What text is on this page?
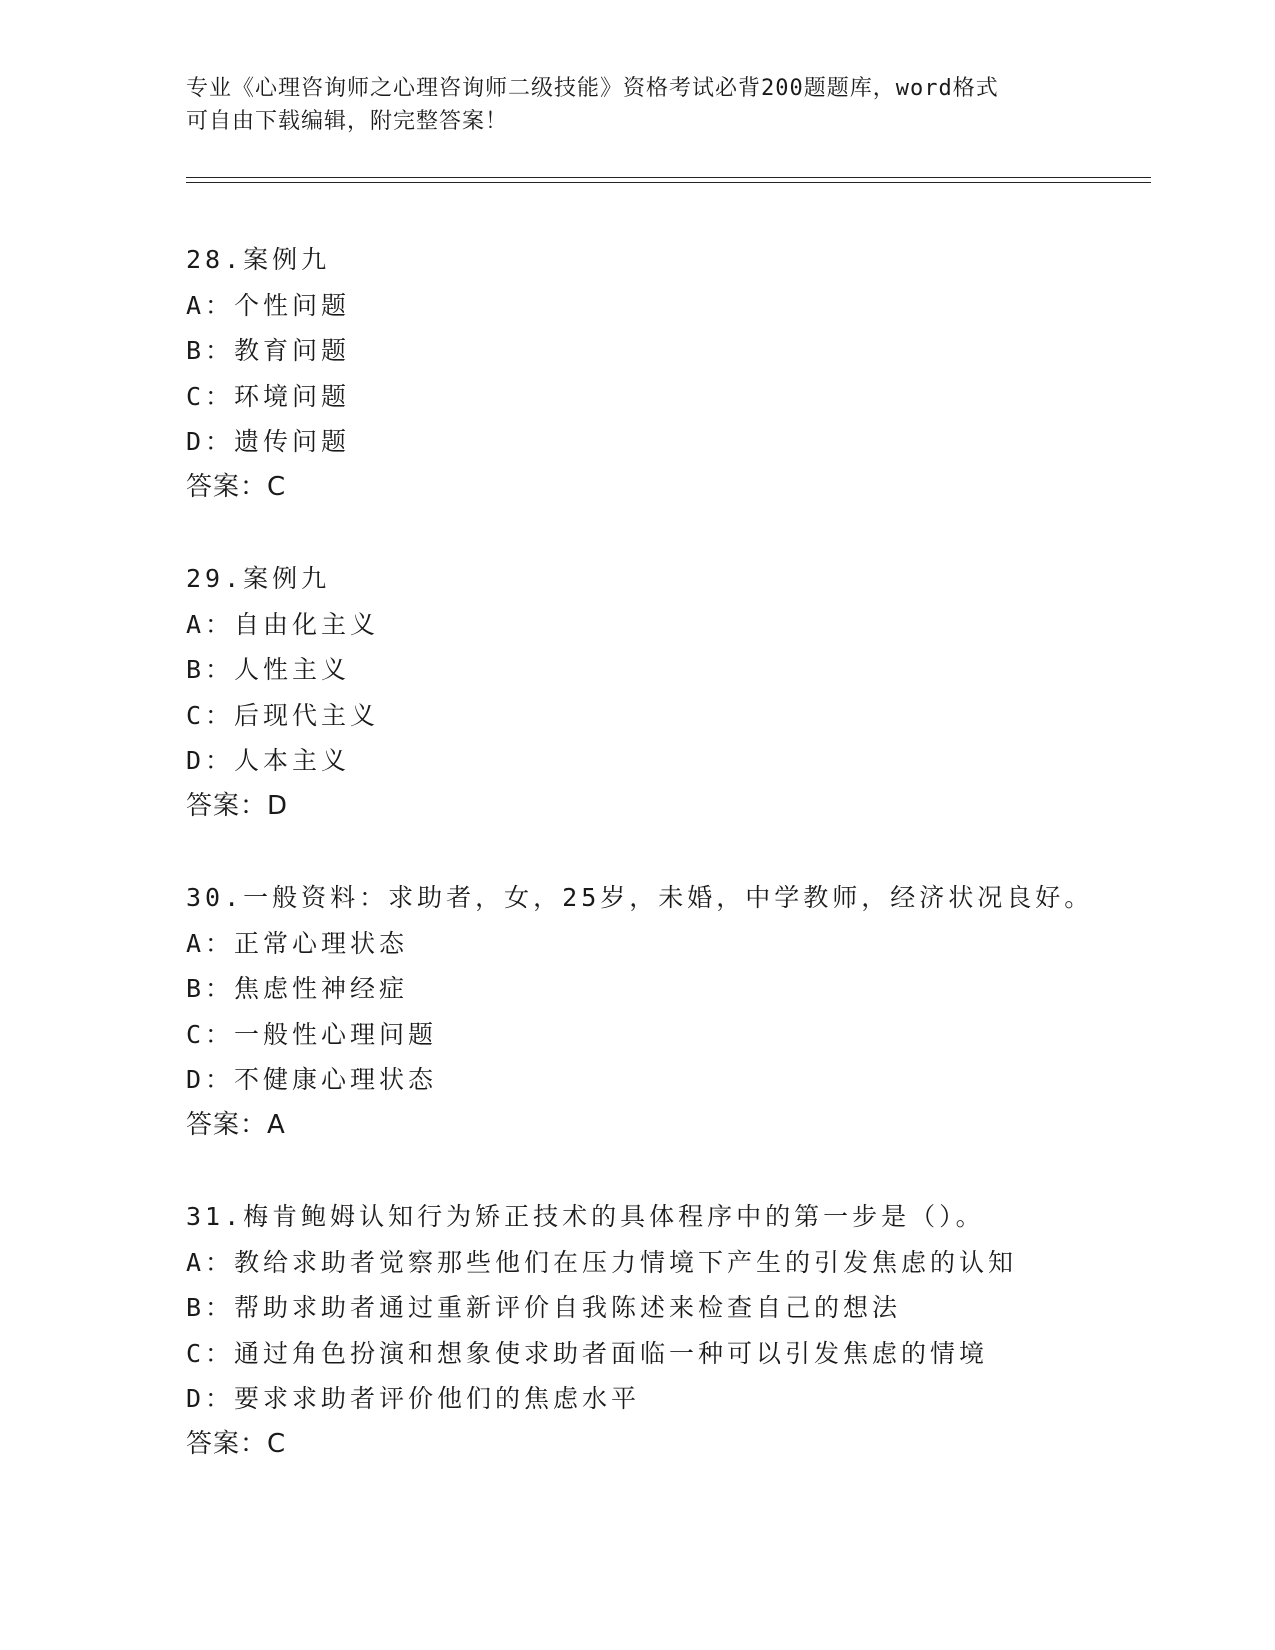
专业《心理咨询师之心理咨询师二级技能》资格考试必背200题题库，word格式
可自由下载编辑，附完整答案！
28.案例九
A：个性问题
B：教育问题
C：环境问题
D：遗传问题
答案：C
29.案例九
A：自由化主义
B：人性主义
C：后现代主义
D：人本主义
答案：D
30.一般资料：求助者，女，25岁，未婚，中学教师，经济状况良好。
A：正常心理状态
B：焦虑性神经症
C：一般性心理问题
D：不健康心理状态
答案：A
31.梅肯鲍姆认知行为矫正技术的具体程序中的第一步是（）。
A：教给求助者觉察那些他们在压力情境下产生的引发焦虑的认知
B：帮助求助者通过重新评价自我陈述来检查自己的想法
C：通过角色扮演和想象使求助者面临一种可以引发焦虑的情境
D：要求求助者评价他们的焦虑水平
答案：C
